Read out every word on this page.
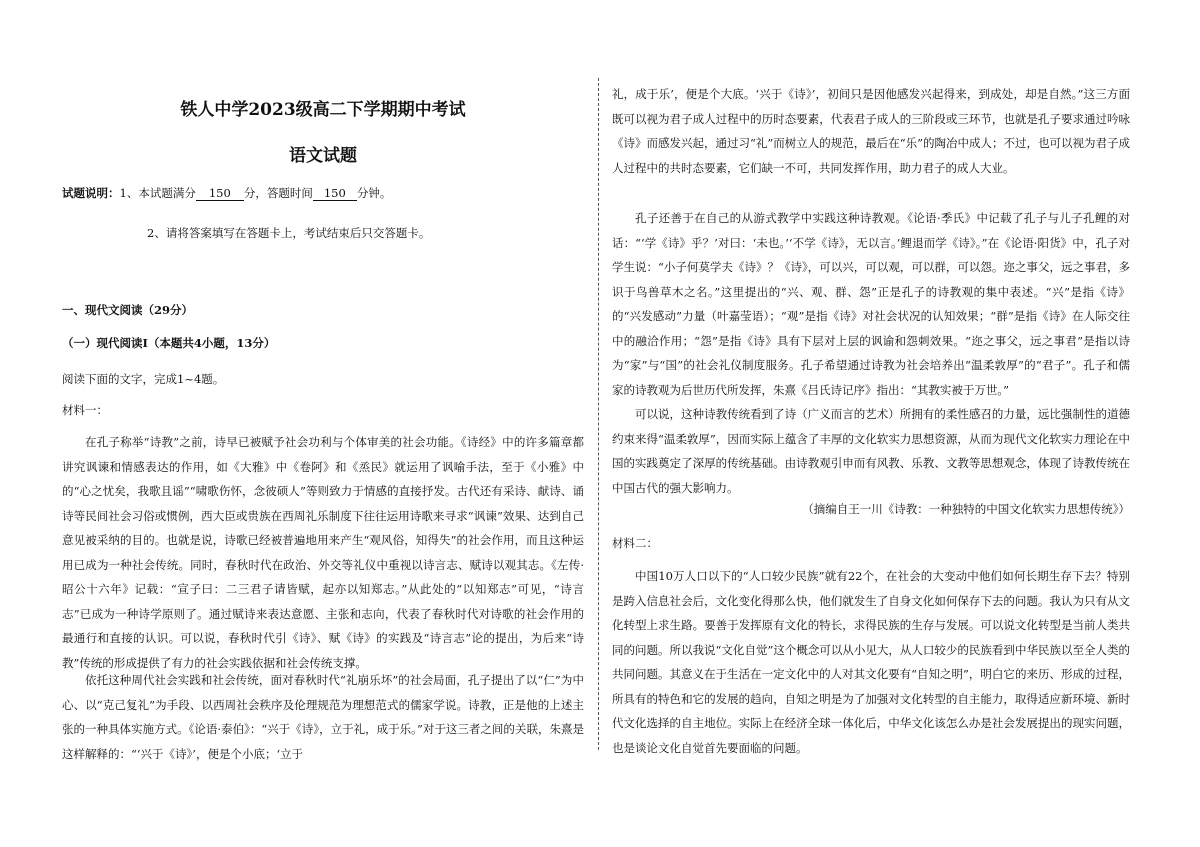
铁人中学2023级高二下学期期中考试
语文试题

试题说明：1、本试题满分 150 分，答题时间 150 分钟。

2、请将答案填写在答题卡上，考试结束后只交答题卡。

一、现代文阅读（29分）

（一）现代阅读Ⅰ（本题共4小题，13分）

阅读下面的文字，完成1~4题。

材料一：

在孔子称举“诗教”之前，诗早已被赋予社会功利与个体审美的社会功能。《诗经》中的许多篇章都讲究讽谏和情感表达的作用，如《大雅》中《卷阿》和《烝民》就运用了讽喻手法，至于《小雅》中的“心之忧矣，我歌且谣”“啸歌伤怀，念彼硕人”等则致力于情感的直接抒发。古代还有采诗、献诗、诵诗等民间社会习俗或惯例，西大臣或贵族在西周礼乐制度下往往运用诗歌来寻求“讽谏”效果、达到自己意见被采纳的目的。也就是说，诗歌已经被普遍地用来产生“观风俗，知得失”的社会作用，而且这种运用已成为一种社会传统。同时，春秋时代在政治、外交等礼仪中重视以诗言志、赋诗以观其志。《左传·昭公十六年》记载：“宣子曰：二三君子请皆赋，起亦以知郑志。”从此处的“以知郑志”可见，“诗言志”已成为一种诗学原则了。通过赋诗来表达意愿、主张和志向，代表了春秋时代对诗歌的社会作用的最通行和直接的认识。可以说，春秋时代引《诗》、赋《诗》的实践及“诗言志”论的提出，为后来“诗教”传统的形成提供了有力的社会实践依据和社会传统支撑。

依托这种周代社会实践和社会传统，面对春秋时代“礼崩乐坏”的社会局面，孔子提出了以“仁”为中心、以“克己复礼”为手段、以西周社会秩序及伦理规范为理想范式的儒家学说。诗教，正是他的上述主张的一种具体实施方式。《论语·泰伯》：“兴于《诗》，立于礼，成于乐。”对于这三者之间的关联，朱熹是这样解释的：“‘兴于《诗》’，便是个小底；‘立于

礼，成于乐’，便是个大底。‘兴于《诗》’，初间只是因他感发兴起得来，到成处，却是自然。”这三方面既可以视为君子成人过程中的历时态要素，代表君子成人的三阶段或三环节，也就是孔子要求通过吟咏《诗》而感发兴起，通过习“礼”而树立人的规范，最后在“乐”的陶冶中成人；不过，也可以视为君子成人过程中的共时态要素，它们缺一不可，共同发挥作用，助力君子的成人大业。

孔子还善于在自己的从游式教学中实践这种诗教观。《论语·季氏》中记载了孔子与儿子孔鲤的对话：“‘学《诗》乎？’对曰：‘未也。’‘不学《诗》，无以言。’鲤退而学《诗》。”在《论语·阳货》中，孔子对学生说：“小子何莫学夫《诗》？《诗》，可以兴，可以观，可以群，可以怨。迩之事父，远之事君，多识于鸟兽草木之名。”这里提出的“兴、观、群、怨”正是孔子的诗教观的集中表述。“兴”是指《诗》的“兴发感动”力量（叶嘉莹语）；“观”是指《诗》对社会状况的认知效果；“群”是指《诗》在人际交往中的融洽作用；“怨”是指《诗》具有下层对上层的讽谕和怨刺效果。“迩之事父，远之事君”是指以诗为“家”与“国”的社会礼仪制度服务。孔子希望通过诗教为社会培养出“温柔敦厚”的“君子”。孔子和儒家的诗教观为后世历代所发挥，朱熹《吕氏诗记序》指出：“其教实被于万世。”

可以说，这种诗教传统看到了诗（广义而言的艺术）所拥有的柔性感召的力量，远比强制性的道德约束来得“温柔敦厚”，因而实际上蕴含了丰厚的文化软实力思想资源，从而为现代文化软实力理论在中国的实践奠定了深厚的传统基础。由诗教观引申而有风教、乐教、文教等思想观念，体现了诗教传统在中国古代的强大影响力。

（摘编自王一川《诗教：一种独特的中国文化软实力思想传统》）

材料二：

中国10万人口以下的“人口较少民族”就有22个，在社会的大变动中他们如何长期生存下去？特别是跨入信息社会后，文化变化得那么快，他们就发生了自身文化如何保存下去的问题。我认为只有从文化转型上求生路。要善于发挥原有文化的特长，求得民族的生存与发展。可以说文化转型是当前人类共同的问题。所以我说“文化自觉”这个概念可以从小见大，从人口较少的民族看到中华民族以至全人类的共同问题。其意义在于生活在一定文化中的人对其文化要有“自知之明”，明白它的来历、形成的过程，所具有的特色和它的发展的趋向，自知之明是为了加强对文化转型的自主能力，取得适应新环境、新时代文化选择的自主地位。实际上在经济全球一体化后，中华文化该怎么办是社会发展提出的现实问题，也是谈论文化自觉首先要面临的问题。
